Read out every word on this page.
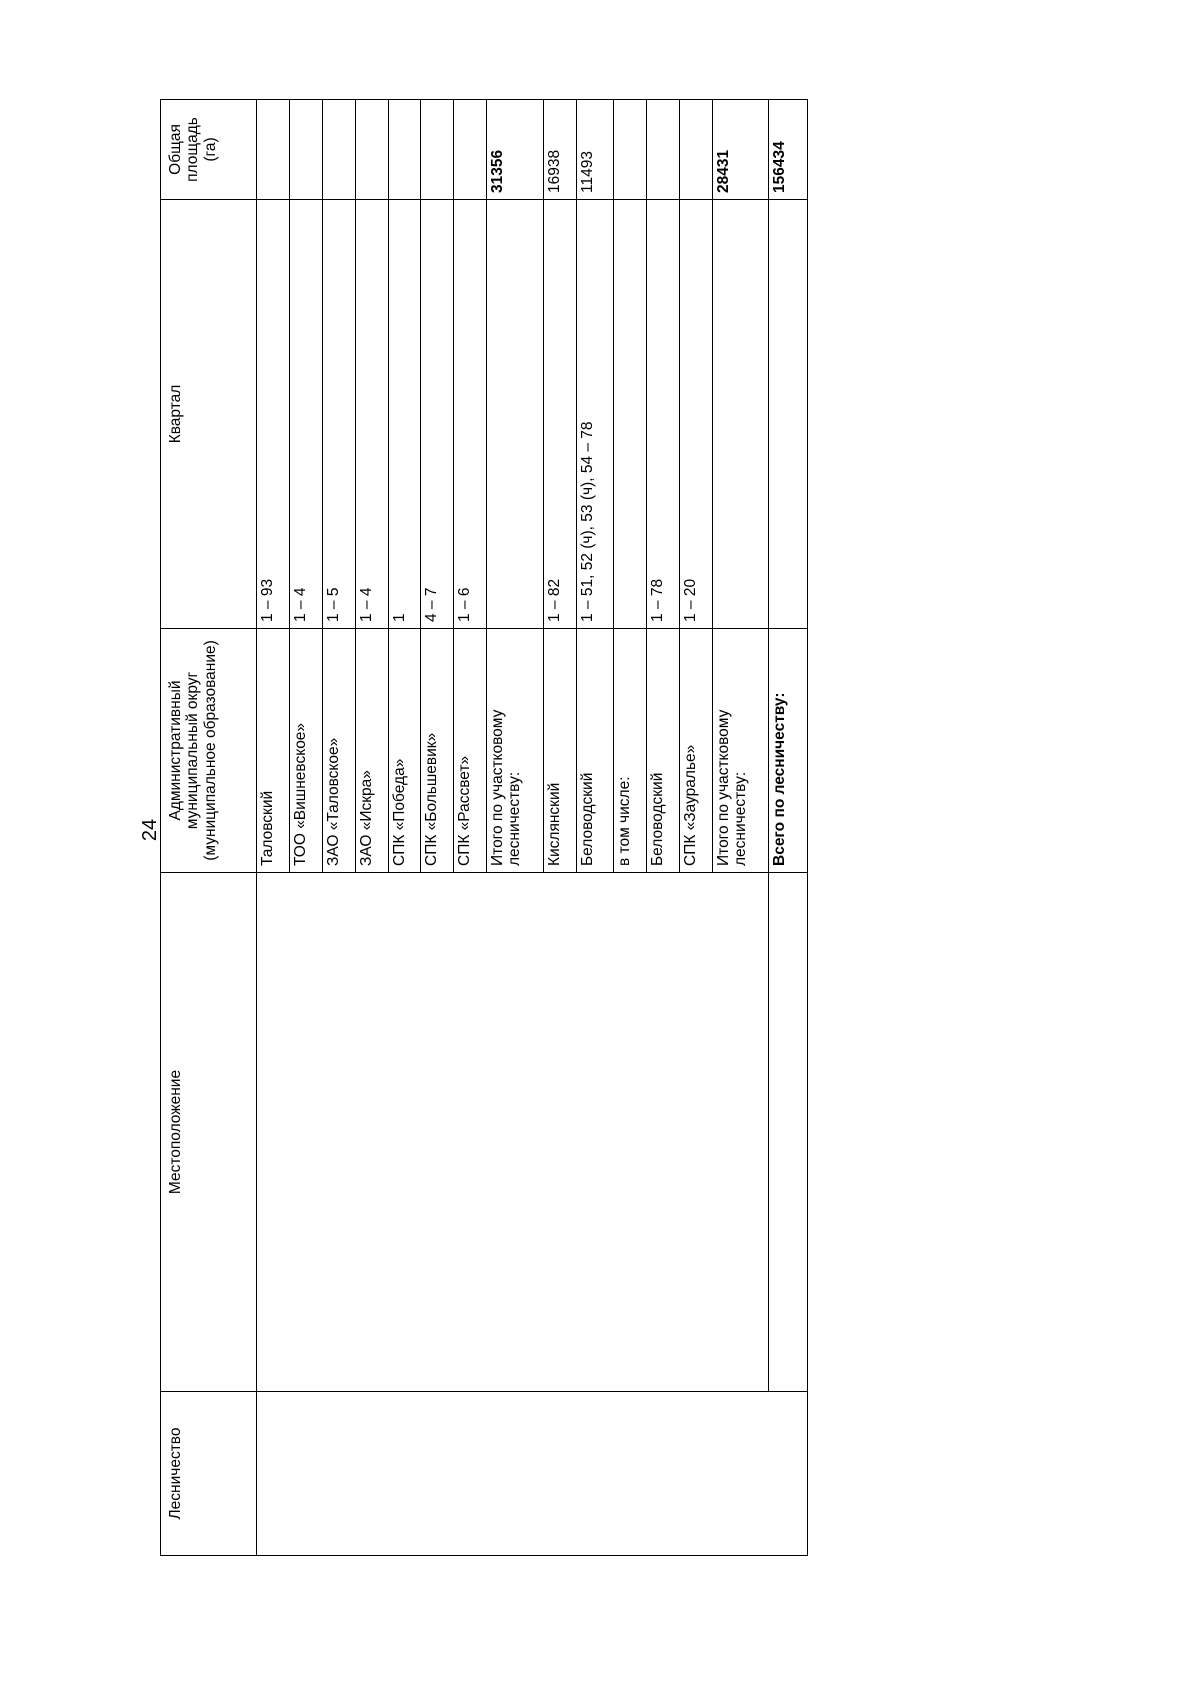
24
Лесничество	Местоположение	Административный муниципальный округ (муниципальное образование)	Квартал	Общая площадь (га)
		Таловский	1 – 93	
		ТОО «Вишневское»	1 – 4	
		ЗАО «Таловское»	1 – 5	
		ЗАО «Искра»	1 – 4	
		СПК «Победа»	1	
		СПК «Большевик»	4 – 7	
		СПК «Рассвет»	1 – 6	
		Итого по участковому лесничеству:		31356
		Кислянский	1 – 82	16938
		Беловодский	1 – 51, 52 (ч), 53 (ч), 54 – 78	11493
		в том числе:		
		Беловодский	1 – 78	
		СПК «Зауралье»	1 – 20	
		Итого по участковому лесничеству:		28431
		Всего по лесничеству:		156434
